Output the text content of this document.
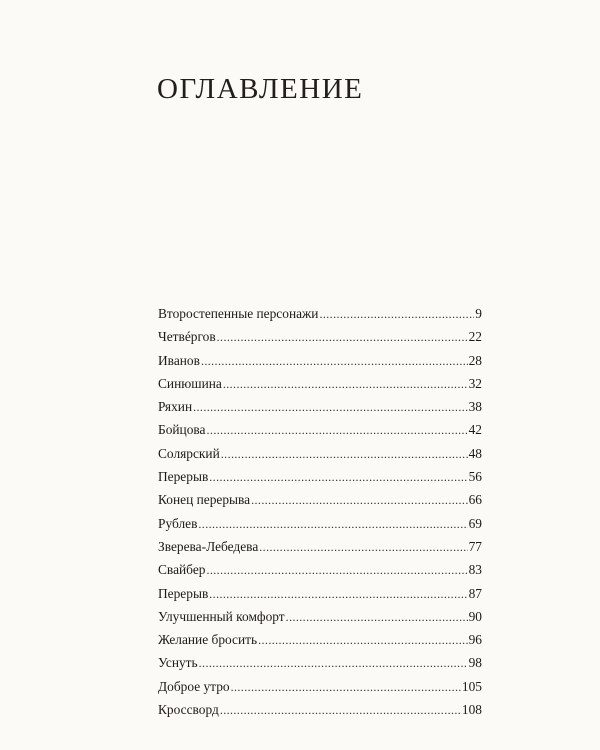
ОГЛАВЛЕНИЕ
Второстепенные персонажи .....	9
Четвéргов .....	22
Иванов .....	28
Синюшина .....	32
Ряхин .....	38
Бойцова .....	42
Солярский .....	48
Перерыв .....	56
Конец перерыва .....	66
Рублев .....	69
Зверева-Лебедева .....	77
Свайбер .....	83
Перерыв .....	87
Улучшенный комфорт .....	90
Желание бросить .....	96
Уснуть .....	98
Доброе утро .....	105
Кроссворд .....	108
